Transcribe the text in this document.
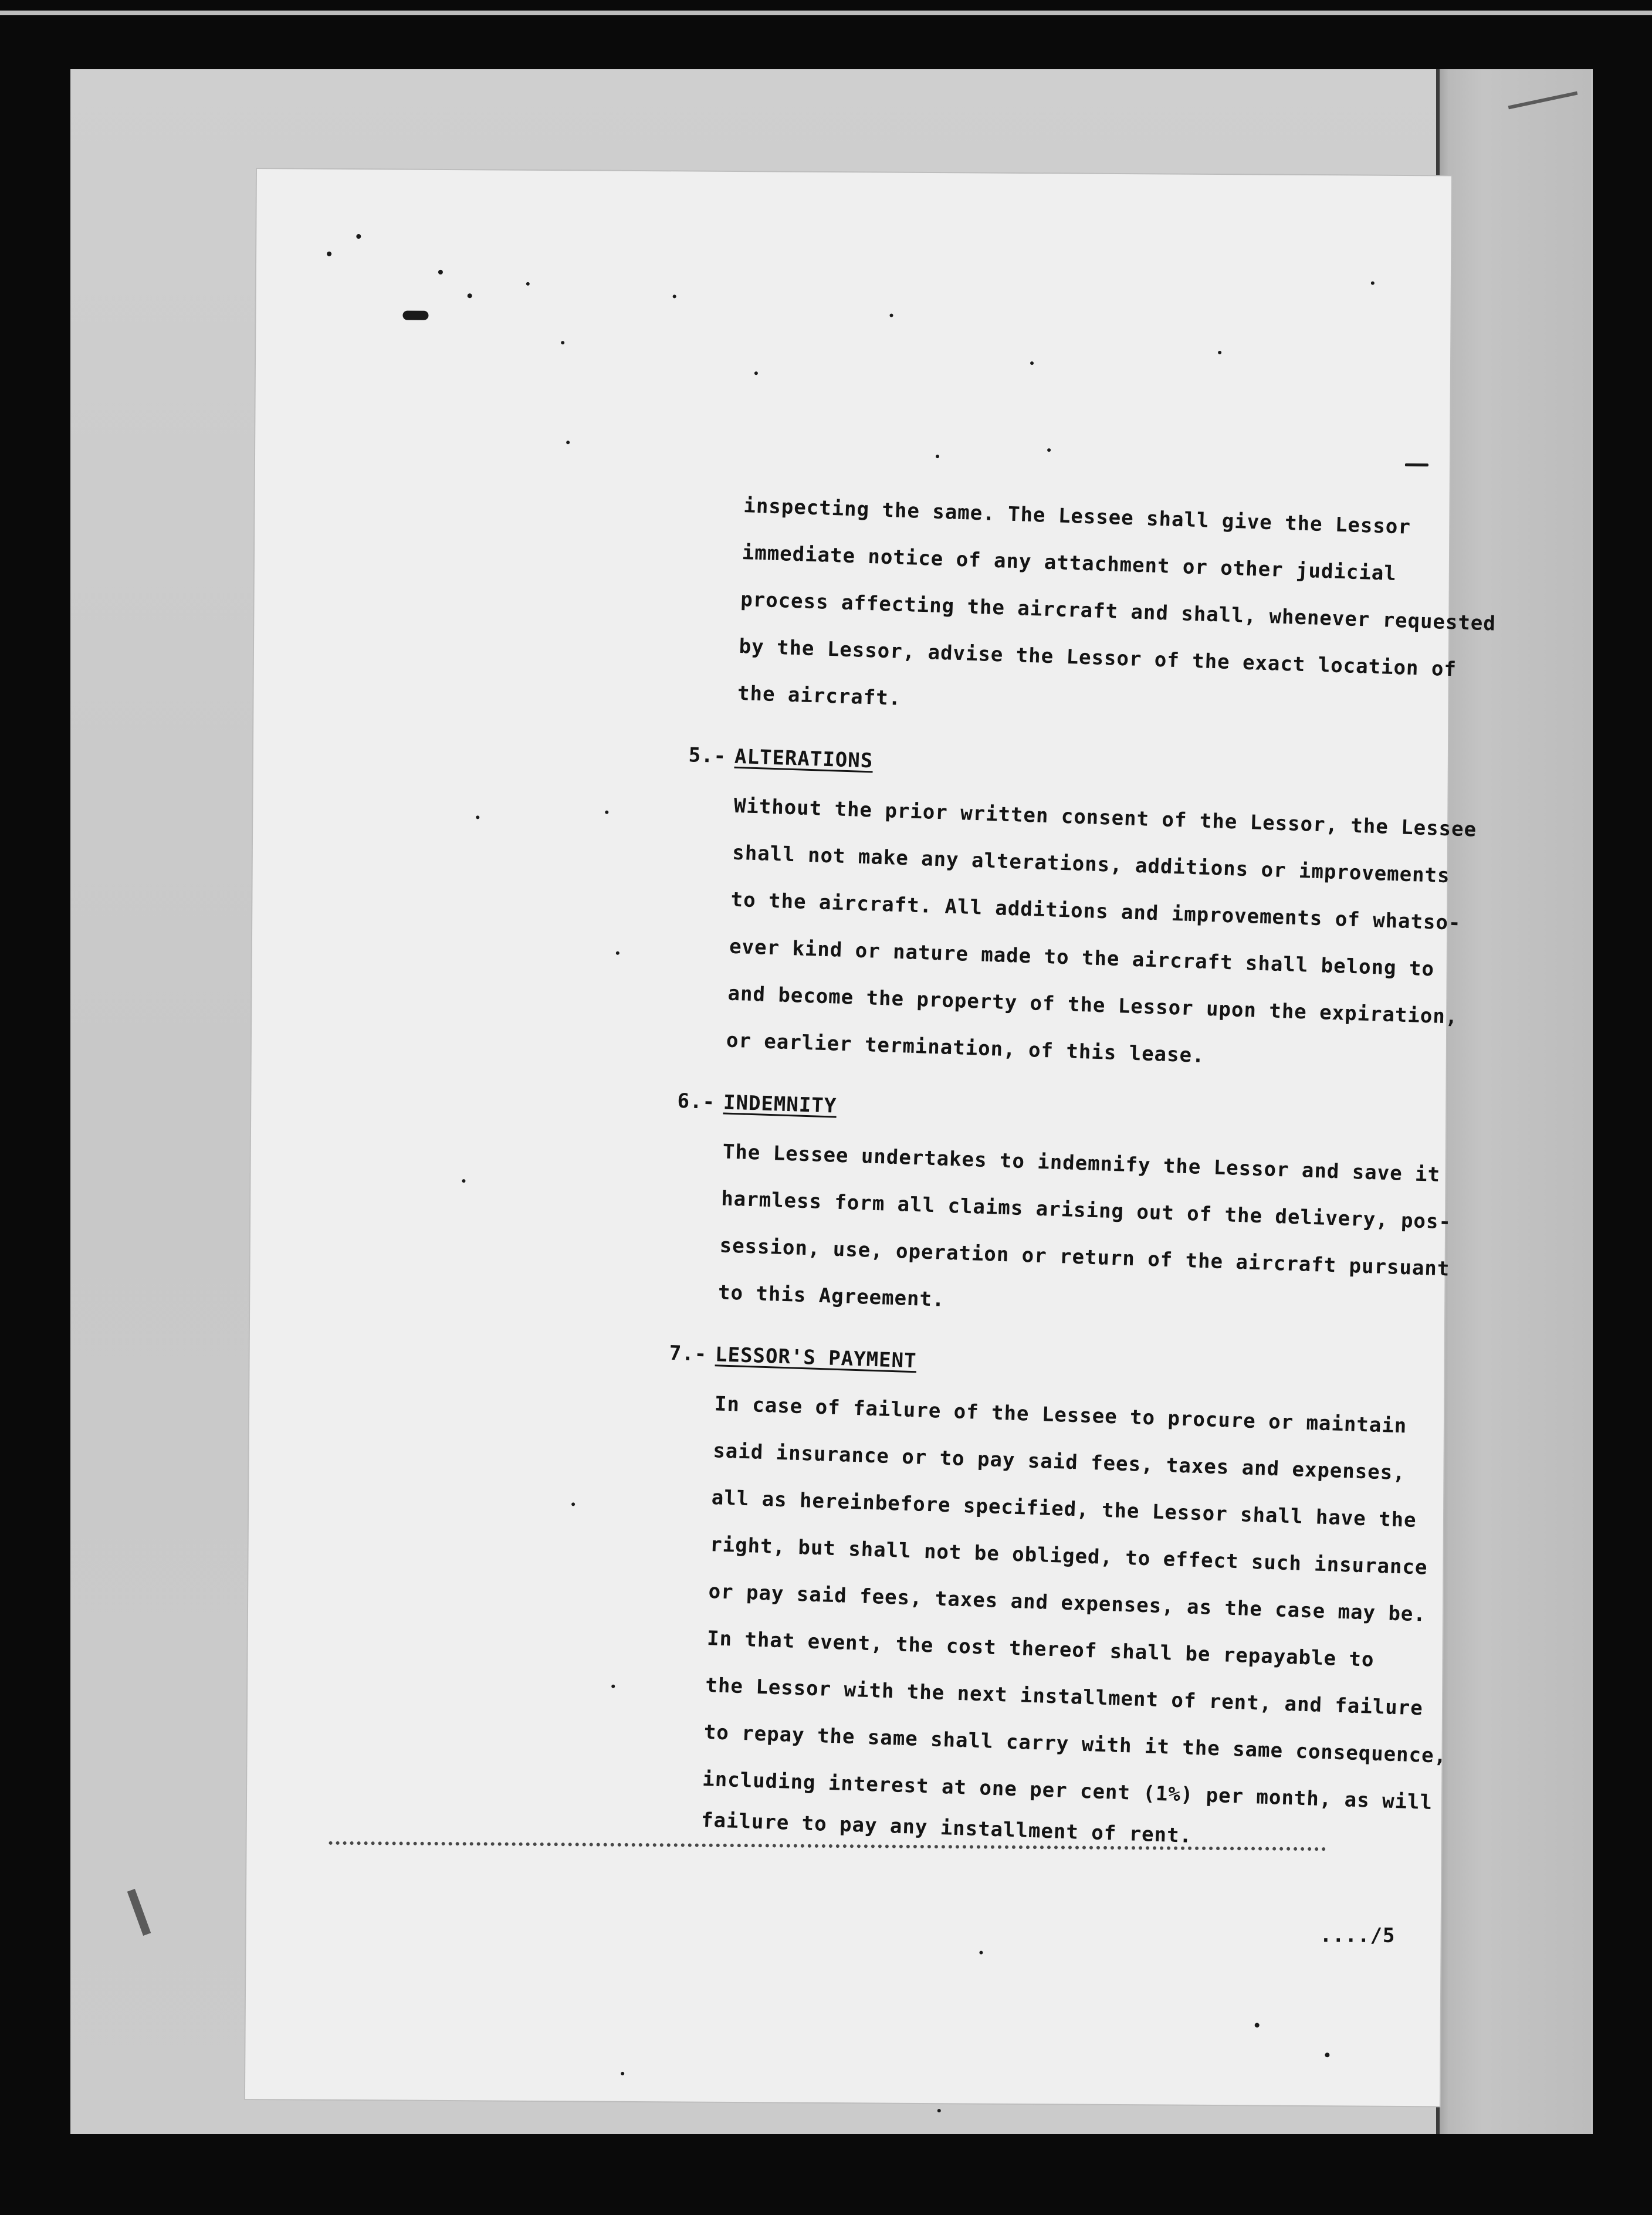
inspecting the same. The Lessee shall give the Lessor
immediate notice of any attachment or other judicial
process affecting the aircraft and shall, whenever requested
by the Lessor, advise the Lessor of the exact location of
the aircraft.
5.- ALTERATIONS
Without the prior written consent of the Lessor, the Lessee
shall not make any alterations, additions or improvements
to the aircraft. All additions and improvements of whatso-
ever kind or nature made to the aircraft shall belong to
and become the property of the Lessor upon the expiration,
or earlier termination, of this lease.
6.- INDEMNITY
The Lessee undertakes to indemnify the Lessor and save it
harmless form all claims arising out of the delivery, pos-
session, use, operation or return of the aircraft pursuant
to this Agreement.
7.- LESSOR'S PAYMENT
In case of failure of the Lessee to procure or maintain
said insurance or to pay said fees, taxes and expenses,
all as hereinbefore specified, the Lessor shall have the
right, but shall not be obliged, to effect such insurance
or pay said fees, taxes and expenses, as the case may be.
In that event, the cost thereof shall be repayable to
the Lessor with the next installment of rent, and failure
to repay the same shall carry with it the same consequence,
including interest at one per cent (1%) per month, as will
failure to pay any installment of rent.
..../5
